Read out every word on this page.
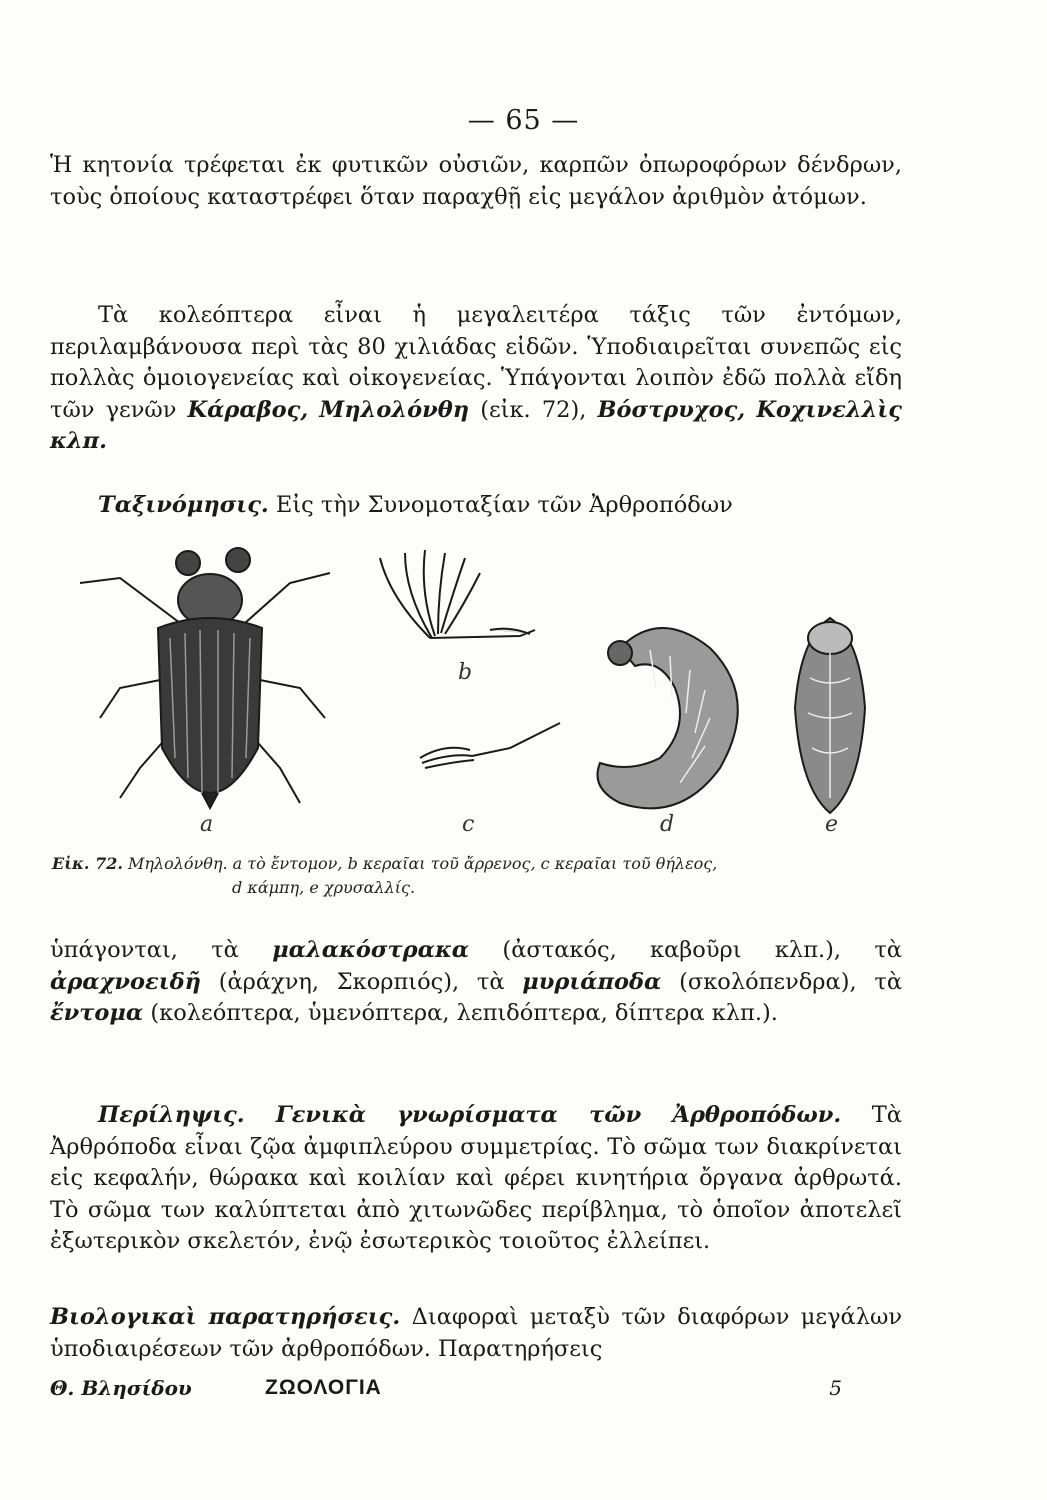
— 65 —

Ἡ κητονία τρέφεται ἐκ φυτικῶν οὐσιῶν, καρπῶν ὀπωροφόρων δένδρων, τοὺς ὁποίους καταστρέφει ὅταν παραχθῇ εἰς μεγάλον ἀριθμὸν ἀτόμων.

Τὰ κολεόπτερα εἶναι ἡ μεγαλειτέρα τάξις τῶν ἐντόμων, περιλαμβάνουσα περὶ τὰς 80 χιλιάδας εἰδῶν. Ὑποδιαιρεῖται συνεπῶς εἰς πολλὰς ὁμοιογενείας καὶ οἰκογενείας. Ὑπάγονται λοιπὸν ἐδῶ πολλὰ εἴδη τῶν γενῶν Κάραβος, Μηλολόνθη (εἰκ. 72), Βόστρυχος, Κοχινελλὶς κλπ.

Ταξινόμησις. Εἰς τὴν Συνομοταξίαν τῶν Ἀρθροπόδων

a
b
c	d	e
Εἰκ. 72. Μηλολόνθη. a τὸ ἔντομον, b κεραῖαι τοῦ ἄρρενος, c κεραῖαι τοῦ θήλεος,
d κάμπη, e χρυσαλλίς.

ὑπάγονται, τὰ μαλακόστρακα (ἀστακός, καβοῦρι κλπ.), τὰ ἀραχνοειδῆ (ἀράχνη, Σκορπιός), τὰ μυριάποδα (σκολόπενδρα), τὰ ἔντομα (κολεόπτερα, ὑμενόπτερα, λεπιδόπτερα, δίπτερα κλπ.).

Περίληψις. Γενικὰ γνωρίσματα τῶν Ἀρθροπόδων. Τὰ Ἀρθρόποδα εἶναι ζῷα ἀμφιπλεύρου συμμετρίας. Τὸ σῶμα των διακρίνεται εἰς κεφαλήν, θώρακα καὶ κοιλίαν καὶ φέρει κινητήρια ὄργανα ἀρθρωτά. Τὸ σῶμα των καλύπτεται ἀπὸ χιτωνῶδες περίβλημα, τὸ ὁποῖον ἀποτελεῖ ἐξωτερικὸν σκελετόν, ἐνῷ ἐσωτερικὸς τοιοῦτος ἐλλείπει.

Βιολογικαὶ παρατηρήσεις. Διαφοραὶ μεταξὺ τῶν διαφόρων μεγάλων ὑποδιαιρέσεων τῶν ἀρθροπόδων. Παρατηρήσεις

Θ. Βλησίδου	ΖΩΟΛΟΓΙΑ	5
